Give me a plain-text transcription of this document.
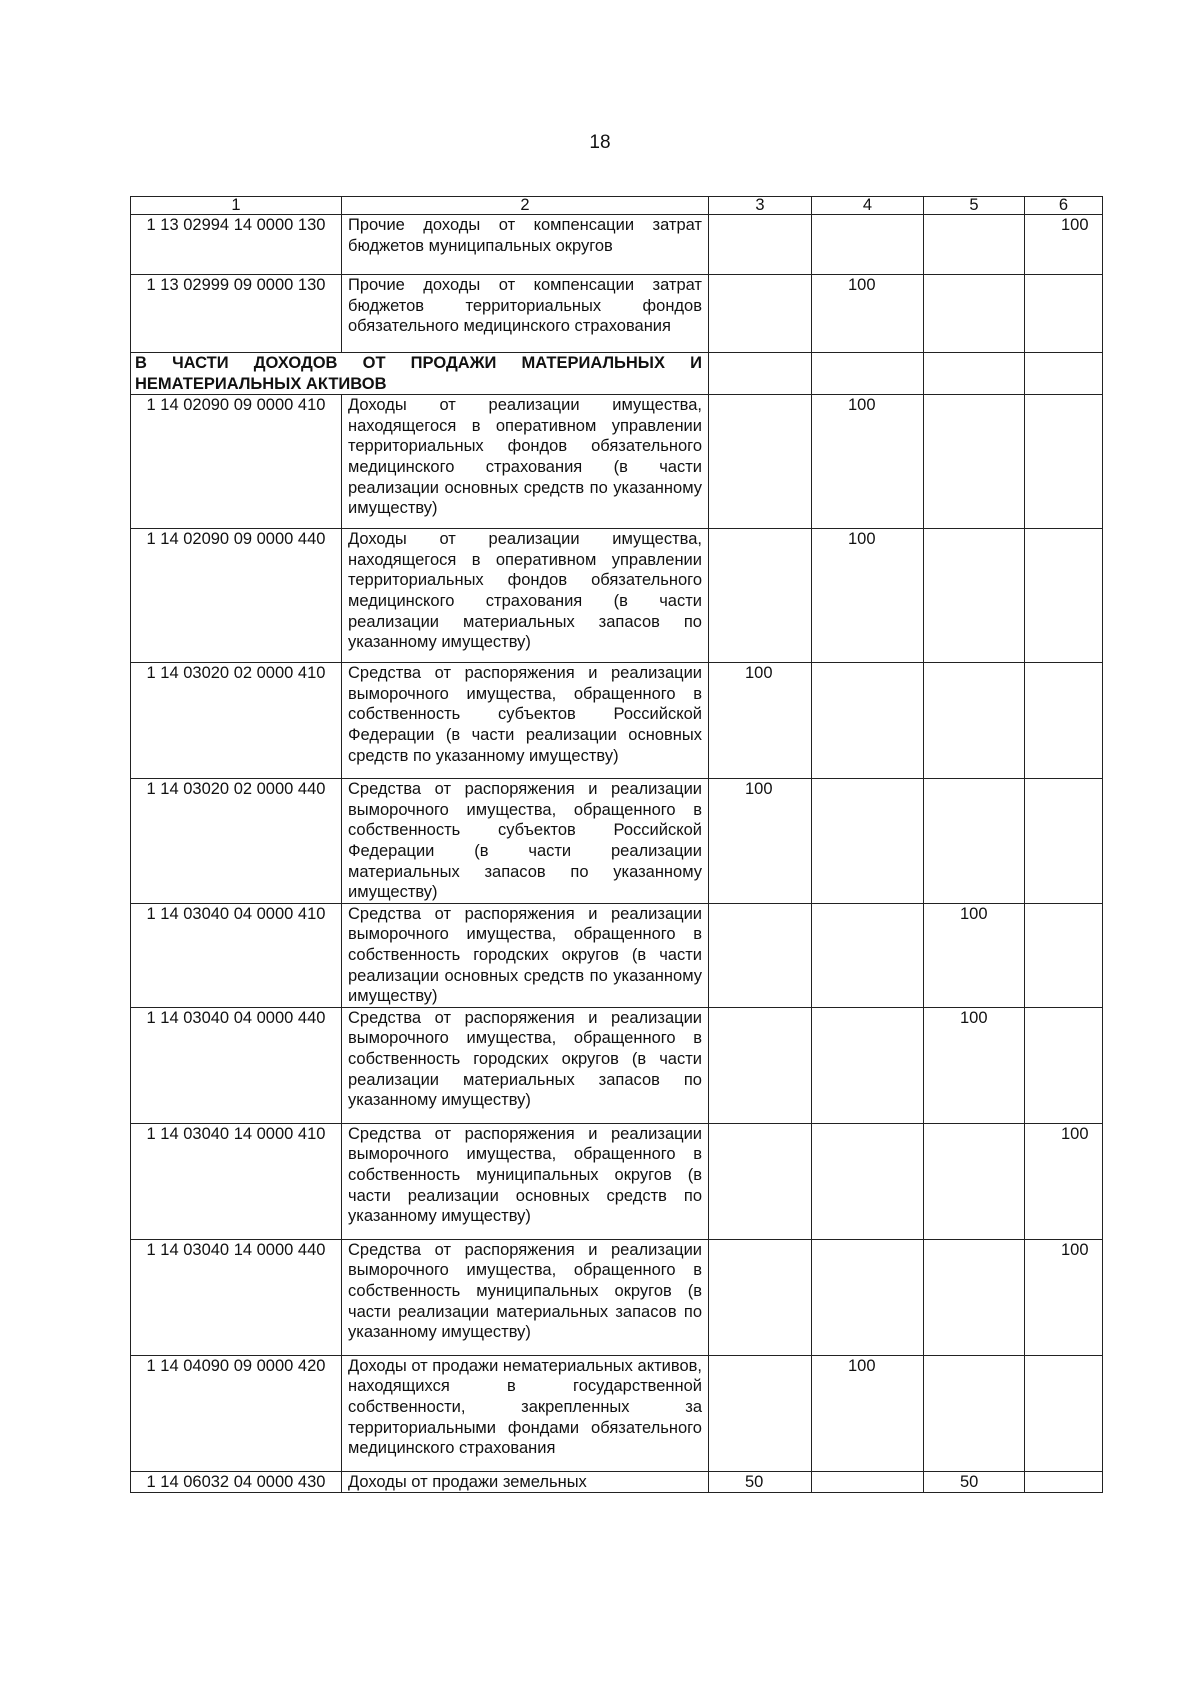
18
1	2	3	4	5	6
1 13 02994 14 0000 130	Прочие доходы от компенсации затрат бюджетов муниципальных округов				100
1 13 02999 09 0000 130	Прочие доходы от компенсации затрат бюджетов территориальных фондов обязательного медицинского страхования		100		
В ЧАСТИ ДОХОДОВ ОТ ПРОДАЖИ МАТЕРИАЛЬНЫХ И НЕМАТЕРИАЛЬНЫХ АКТИВОВ					
1 14 02090 09 0000 410	Доходы от реализации имущества, находящегося в оперативном управлении территориальных фондов обязательного медицинского страхования (в части реализации основных средств по указанному имуществу)		100		
1 14 02090 09 0000 440	Доходы от реализации имущества, находящегося в оперативном управлении территориальных фондов обязательного медицинского страхования (в части реализации материальных запасов по указанному имуществу)		100		
1 14 03020 02 0000 410	Средства от распоряжения и реализации выморочного имущества, обращенного в собственность субъектов Российской Федерации (в части реализации основных средств по указанному имуществу)	100			
1 14 03020 02 0000 440	Средства от распоряжения и реализации выморочного имущества, обращенного в собственность субъектов Российской Федерации (в части реализации материальных запасов по указанному имуществу)	100			
1 14 03040 04 0000 410	Средства от распоряжения и реализации выморочного имущества, обращенного в собственность городских округов (в части реализации основных средств по указанному имуществу)			100	
1 14 03040 04 0000 440	Средства от распоряжения и реализации выморочного имущества, обращенного в собственность городских округов (в части реализации материальных запасов по указанному имуществу)			100	
1 14 03040 14 0000 410	Средства от распоряжения и реализации выморочного имущества, обращенного в собственность муниципальных округов (в части реализации основных средств по указанному имуществу)				100
1 14 03040 14 0000 440	Средства от распоряжения и реализации выморочного имущества, обращенного в собственность муниципальных округов (в части реализации материальных запасов по указанному имуществу)				100
1 14 04090 09 0000 420	Доходы от продажи нематериальных активов, находящихся в государственной собственности, закрепленных за территориальными фондами обязательного медицинского страхования		100		
1 14 06032 04 0000 430	Доходы от продажи земельных	50		50	
